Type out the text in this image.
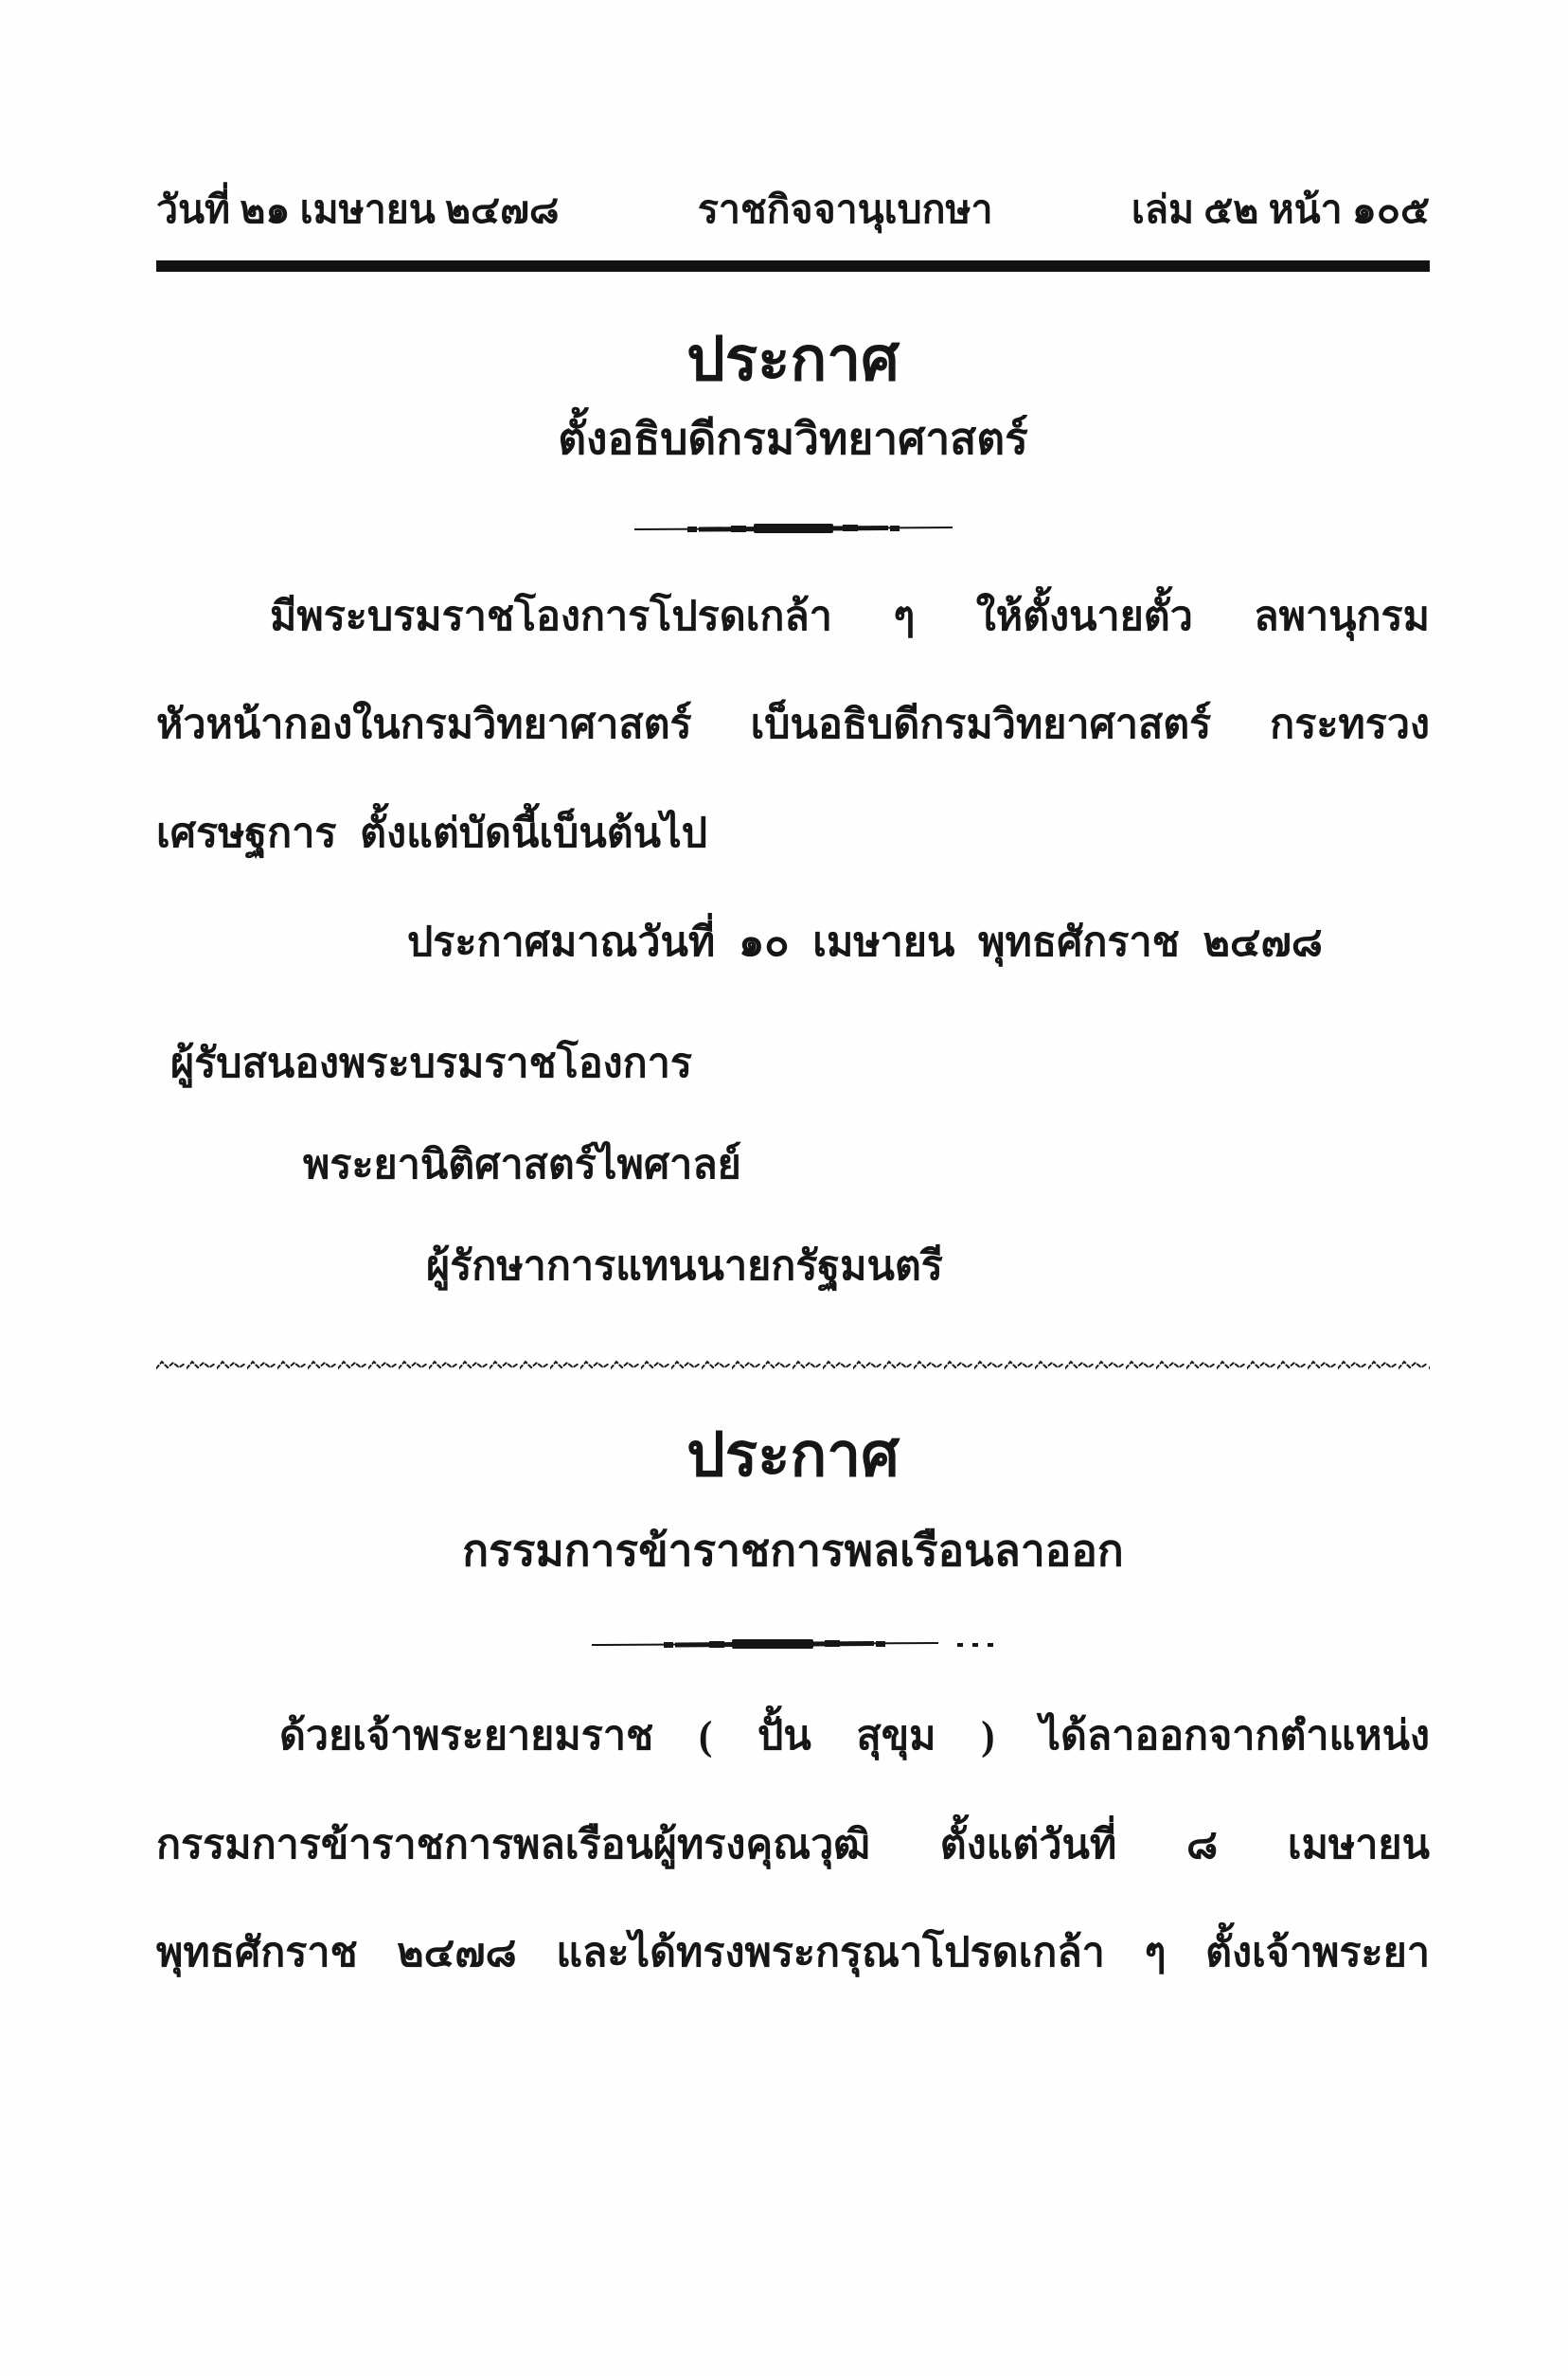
วันที่ ๒๑ เมษายน ๒๔๗๘	ราชกิจจานุเบกษา	เล่ม ๕๒ หน้า ๑๐๕
ประกาศ
ตั้งอธิบดีกรมวิทยาศาสตร์

มีพระบรมราชโองการโปรดเกล้า ๆ ให้ตั้งนายตั้ว ลพานุกรม

หัวหน้ากองในกรมวิทยาศาสตร์ เบ็นอธิบดีกรมวิทยาศาสตร์ กระทรวง

เศรษฐการ ตั้งแต่บัดนี้เบ็นต้นไป

ประกาศมาณวันที่ ๑๐ เมษายน พุทธศักราช ๒๔๗๘

ผู้รับสนองพระบรมราชโองการ

พระยานิติศาสตร์ไพศาลย์

ผู้รักษาการแทนนายกรัฐมนตรี

ประกาศ
กรรมการข้าราชการพลเรือนลาออก

ด้วยเจ้าพระยายมราช ( ปั้น สุขุม ) ได้ลาออกจากตำแหน่ง

กรรมการข้าราชการพลเรือนผู้ทรงคุณวุฒิ ตั้งแต่วันที่ ๘ เมษายน

พุทธศักราช ๒๔๗๘ และได้ทรงพระกรุณาโปรดเกล้า ๆ ตั้งเจ้าพระยา
